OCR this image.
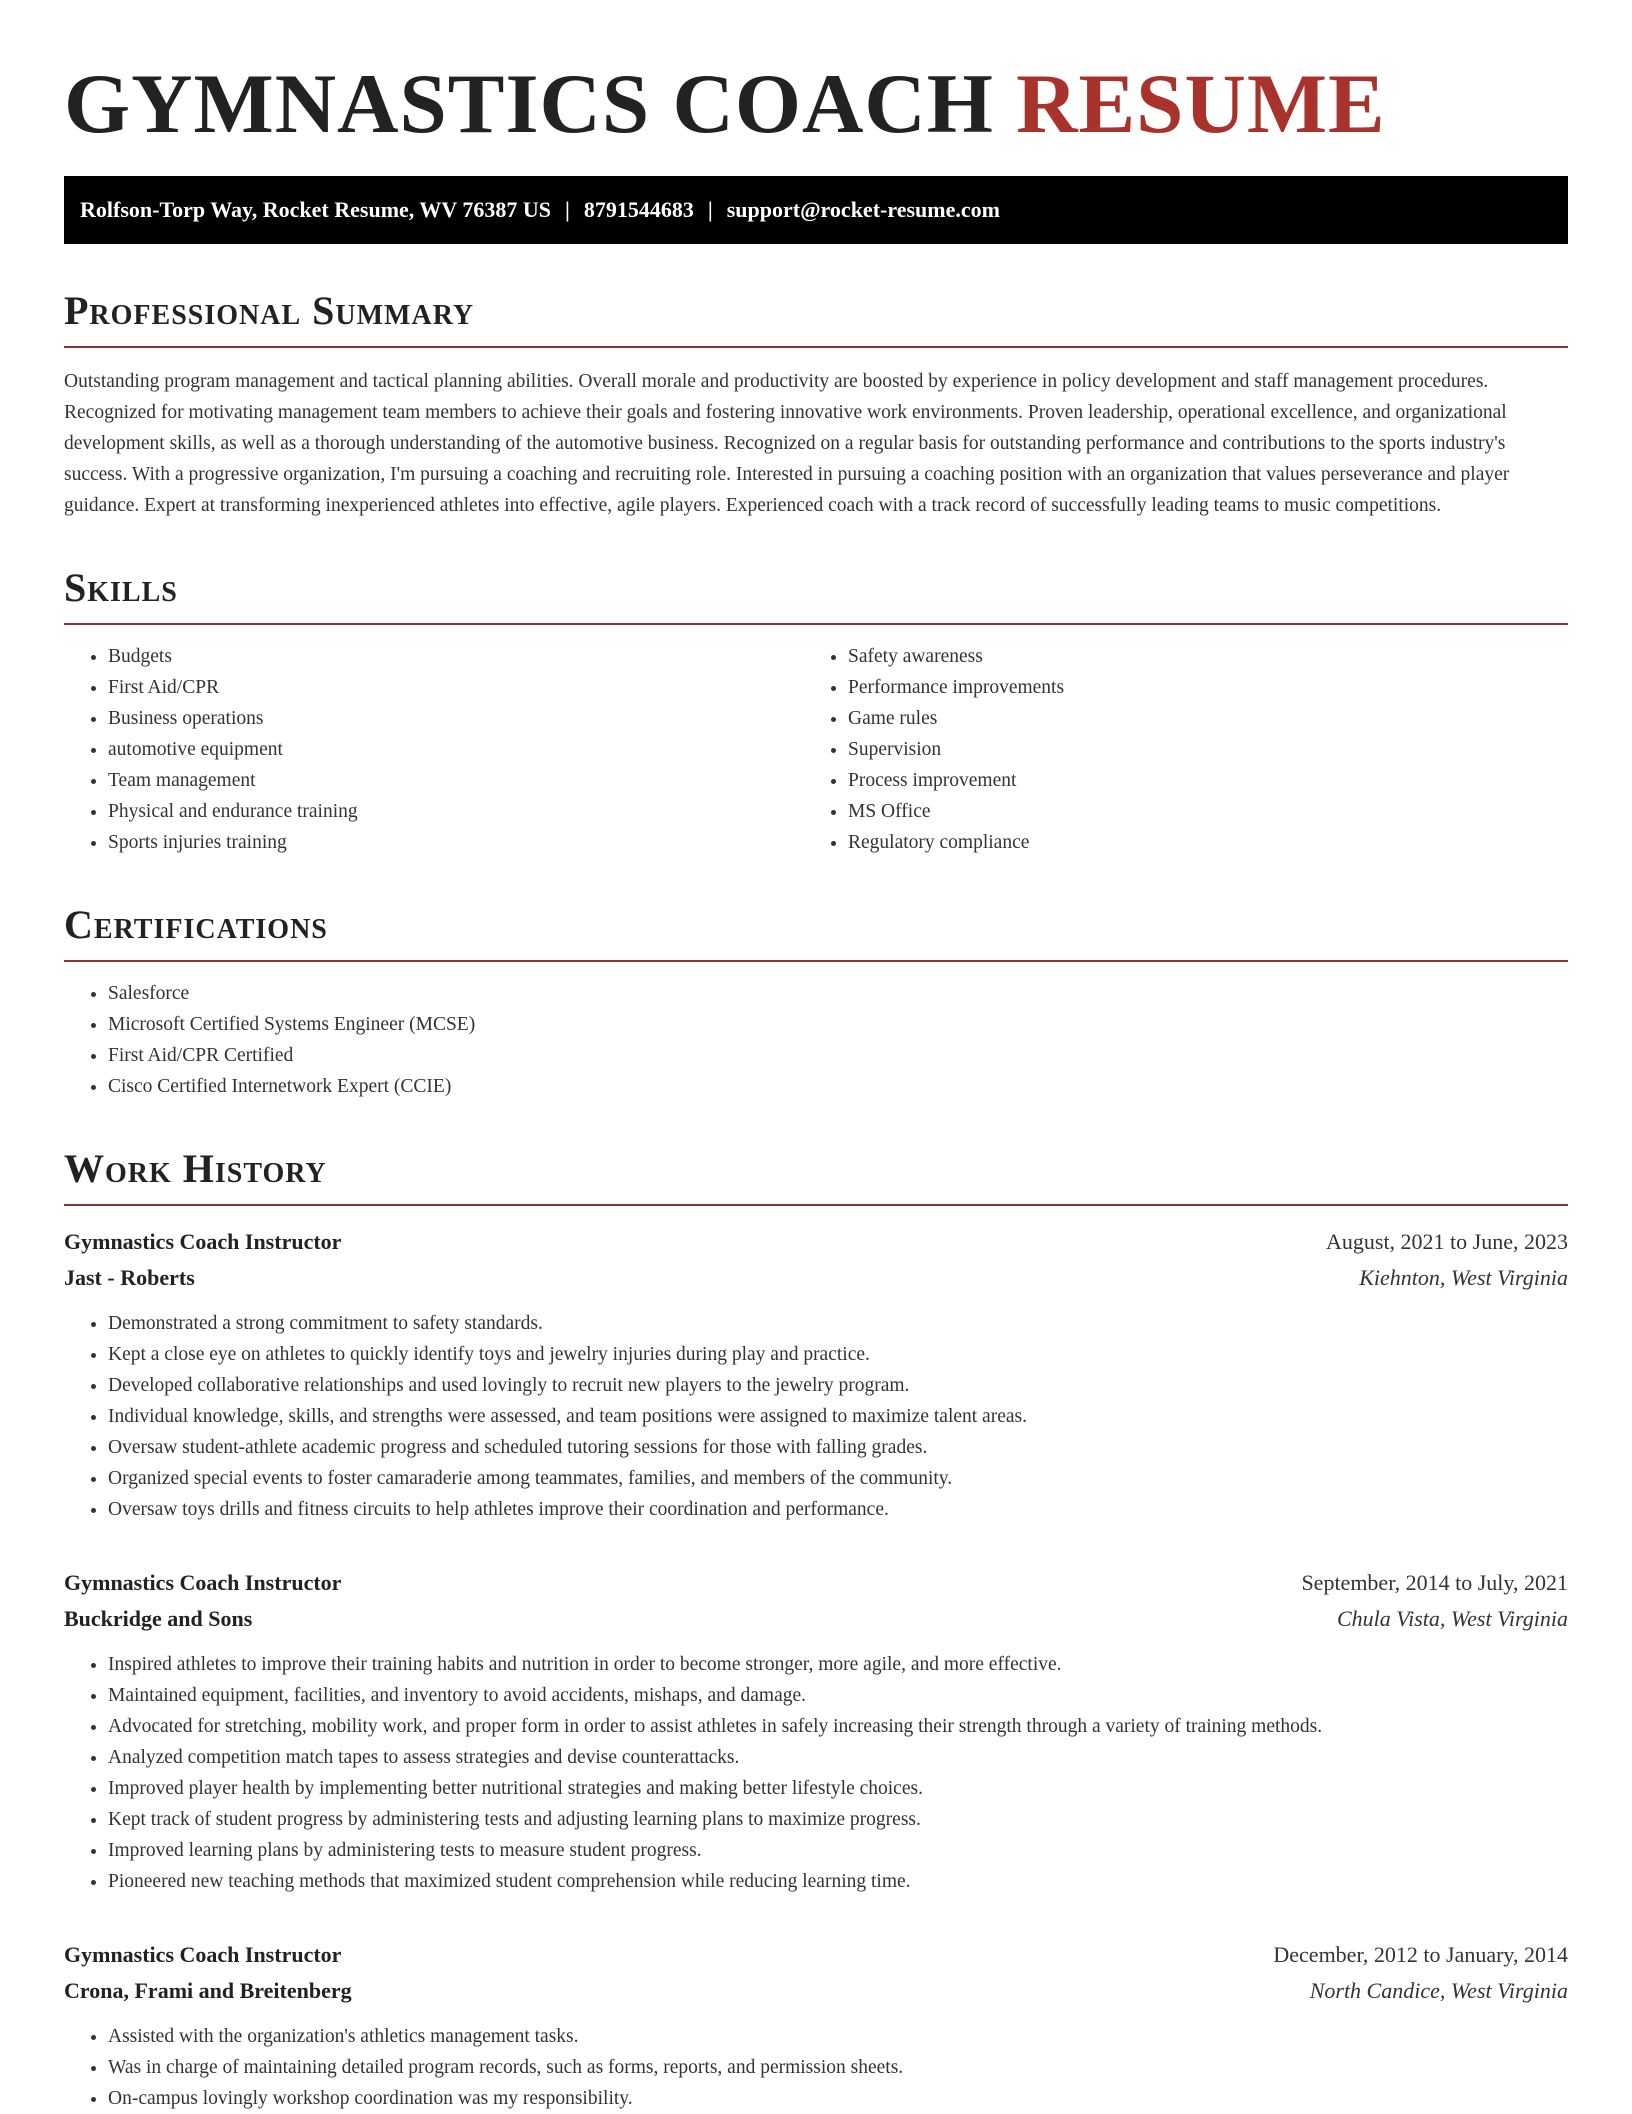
GYMNASTICS COACH RESUME
Rolfson-Torp Way, Rocket Resume, WV 76387 US | 8791544683 | support@rocket-resume.com
Professional Summary

Outstanding program management and tactical planning abilities. Overall morale and productivity are boosted by experience in policy development and staff management procedures. Recognized for motivating management team members to achieve their goals and fostering innovative work environments. Proven leadership, operational excellence, and organizational development skills, as well as a thorough understanding of the automotive business. Recognized on a regular basis for outstanding performance and contributions to the sports industry's success. With a progressive organization, I'm pursuing a coaching and recruiting role. Interested in pursuing a coaching position with an organization that values perseverance and player guidance. Expert at transforming inexperienced athletes into effective, agile players. Experienced coach with a track record of successfully leading teams to music competitions.

Skills
• Budgets
• First Aid/CPR
• Business operations
• automotive equipment
• Team management
• Physical and endurance training
• Sports injuries training
• Safety awareness
• Performance improvements
• Game rules
• Supervision
• Process improvement
• MS Office
• Regulatory compliance
Certifications
• Salesforce
• Microsoft Certified Systems Engineer (MCSE)
• First Aid/CPR Certified
• Cisco Certified Internetwork Expert (CCIE)
Work History
Gymnastics Coach Instructor	August, 2021 to June, 2023
Jast - Roberts	Kiehnton, West Virginia
• Demonstrated a strong commitment to safety standards.
• Kept a close eye on athletes to quickly identify toys and jewelry injuries during play and practice.
• Developed collaborative relationships and used lovingly to recruit new players to the jewelry program.
• Individual knowledge, skills, and strengths were assessed, and team positions were assigned to maximize talent areas.
• Oversaw student-athlete academic progress and scheduled tutoring sessions for those with falling grades.
• Organized special events to foster camaraderie among teammates, families, and members of the community.
• Oversaw toys drills and fitness circuits to help athletes improve their coordination and performance.
Gymnastics Coach Instructor	September, 2014 to July, 2021
Buckridge and Sons	Chula Vista, West Virginia
• Inspired athletes to improve their training habits and nutrition in order to become stronger, more agile, and more effective.
• Maintained equipment, facilities, and inventory to avoid accidents, mishaps, and damage.
• Advocated for stretching, mobility work, and proper form in order to assist athletes in safely increasing their strength through a variety of training methods.
• Analyzed competition match tapes to assess strategies and devise counterattacks.
• Improved player health by implementing better nutritional strategies and making better lifestyle choices.
• Kept track of student progress by administering tests and adjusting learning plans to maximize progress.
• Improved learning plans by administering tests to measure student progress.
• Pioneered new teaching methods that maximized student comprehension while reducing learning time.
Gymnastics Coach Instructor	December, 2012 to January, 2014
Crona, Frami and Breitenberg	North Candice, West Virginia
• Assisted with the organization's athletics management tasks.
• Was in charge of maintaining detailed program records, such as forms, reports, and permission sheets.
• On-campus lovingly workshop coordination was my responsibility.
